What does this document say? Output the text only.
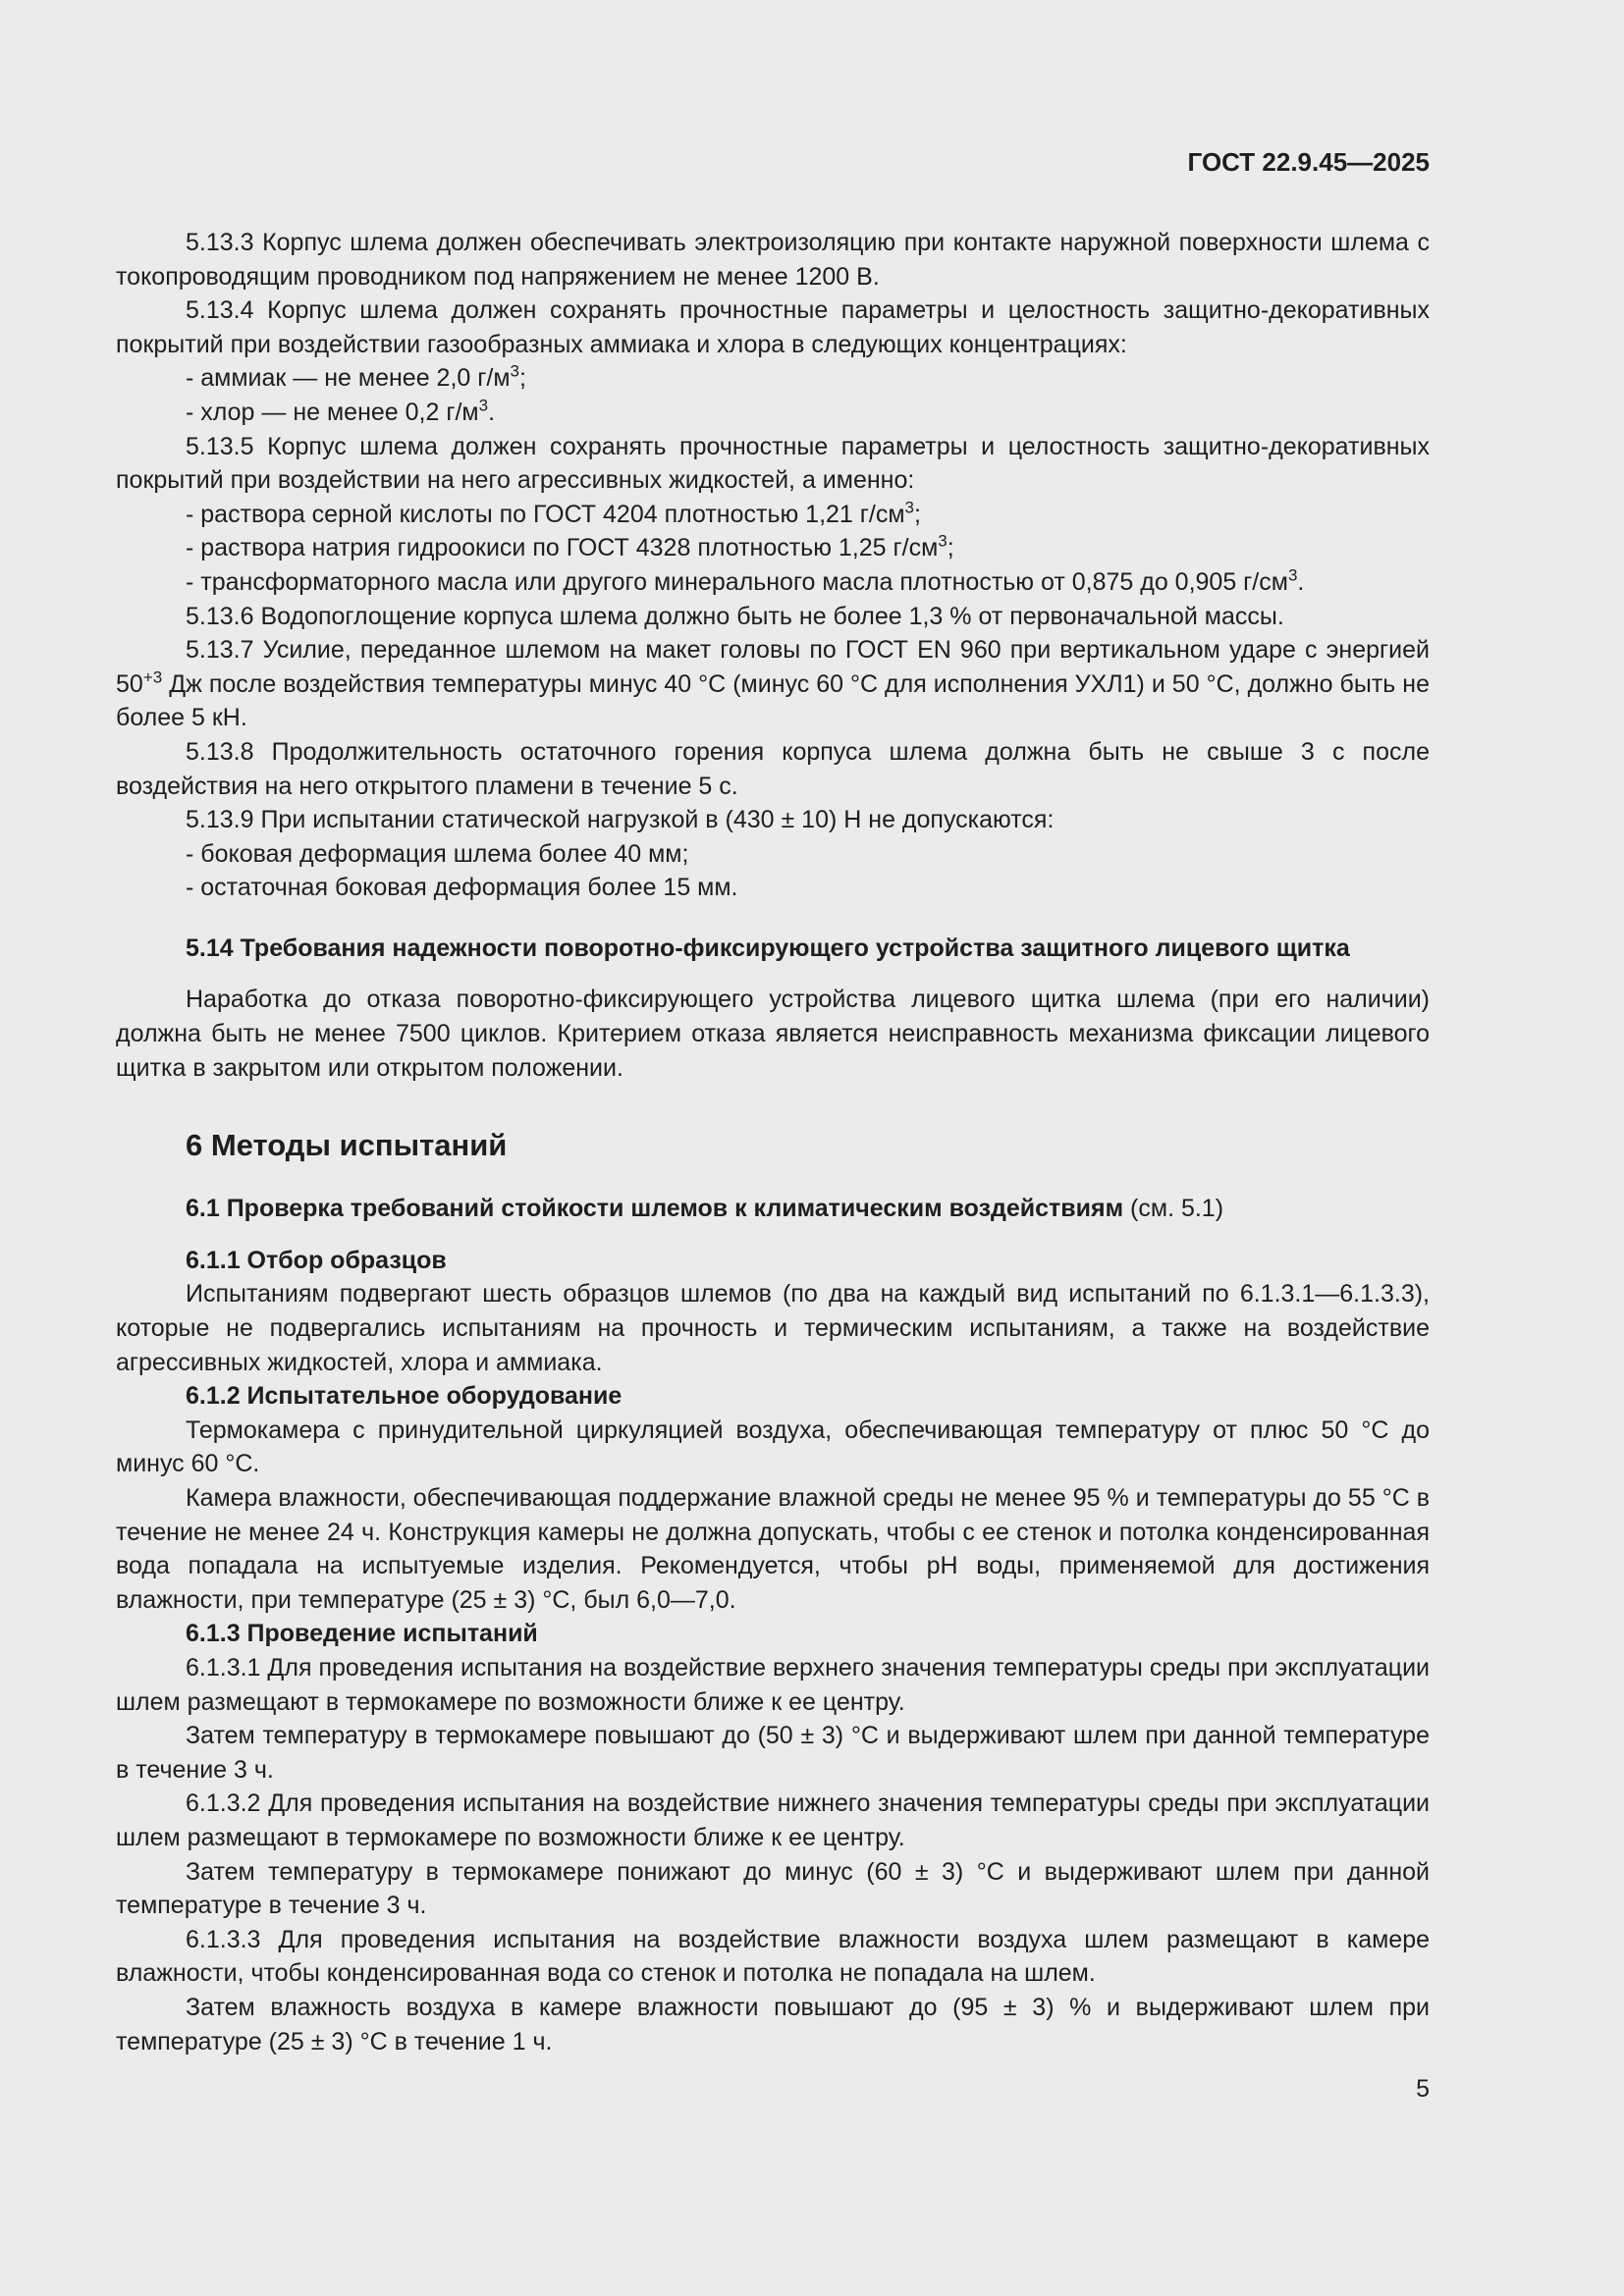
ГОСТ 22.9.45—2025

5.13.3 Корпус шлема должен обеспечивать электроизоляцию при контакте наружной поверхности шлема с токопроводящим проводником под напряжением не менее 1200 В.

5.13.4 Корпус шлема должен сохранять прочностные параметры и целостность защитно-декоративных покрытий при воздействии газообразных аммиака и хлора в следующих концентрациях:

- аммиак — не менее 2,0 $г/м^3$;

- хлор — не менее 0,2 $г/м^3$.

5.13.5 Корпус шлема должен сохранять прочностные параметры и целостность защитно-декоративных покрытий при воздействии на него агрессивных жидкостей, а именно:

- раствора серной кислоты по ГОСТ 4204 плотностью 1,21 $г/см^3$;

- раствора натрия гидроокиси по ГОСТ 4328 плотностью 1,25 $г/см^3$;

- трансформаторного масла или другого минерального масла плотностью от 0,875 до 0,905 $г/см^3$.

5.13.6 Водопоглощение корпуса шлема должно быть не более 1,3 % от первоначальной массы.

5.13.7 Усилие, переданное шлемом на макет головы по ГОСТ EN 960 при вертикальном ударе с энергией $50^{+3}$ Дж после воздействия температуры минус 40 °С (минус 60 °С для исполнения УХЛ1) и 50 °С, должно быть не более 5 кН.

5.13.8 Продолжительность остаточного горения корпуса шлема должна быть не свыше 3 с после воздействия на него открытого пламени в течение 5 с.

5.13.9 При испытании статической нагрузкой в (430 ± 10) Н не допускаются:

- боковая деформация шлема более 40 мм;

- остаточная боковая деформация более 15 мм.

5.14 Требования надежности поворотно-фиксирующего устройства защитного лицевого щитка

Наработка до отказа поворотно-фиксирующего устройства лицевого щитка шлема (при его наличии) должна быть не менее 7500 циклов. Критерием отказа является неисправность механизма фиксации лицевого щитка в закрытом или открытом положении.

6 Методы испытаний

6.1 Проверка требований стойкости шлемов к климатическим воздействиям (см. 5.1)

6.1.1 Отбор образцов

Испытаниям подвергают шесть образцов шлемов (по два на каждый вид испытаний по 6.1.3.1—6.1.3.3), которые не подвергались испытаниям на прочность и термическим испытаниям, а также на воздействие агрессивных жидкостей, хлора и аммиака.

6.1.2 Испытательное оборудование

Термокамера с принудительной циркуляцией воздуха, обеспечивающая температуру от плюс 50 °С до минус 60 °С.

Камера влажности, обеспечивающая поддержание влажной среды не менее 95 % и температуры до 55 °С в течение не менее 24 ч. Конструкция камеры не должна допускать, чтобы с ее стенок и потолка конденсированная вода попадала на испытуемые изделия. Рекомендуется, чтобы pH воды, применяемой для достижения влажности, при температуре (25 ± 3) °С, был 6,0—7,0.

6.1.3 Проведение испытаний

6.1.3.1 Для проведения испытания на воздействие верхнего значения температуры среды при эксплуатации шлем размещают в термокамере по возможности ближе к ее центру.

Затем температуру в термокамере повышают до (50 ± 3) °С и выдерживают шлем при данной температуре в течение 3 ч.

6.1.3.2 Для проведения испытания на воздействие нижнего значения температуры среды при эксплуатации шлем размещают в термокамере по возможности ближе к ее центру.

Затем температуру в термокамере понижают до минус (60 ± 3) °С и выдерживают шлем при данной температуре в течение 3 ч.

6.1.3.3 Для проведения испытания на воздействие влажности воздуха шлем размещают в камере влажности, чтобы конденсированная вода со стенок и потолка не попадала на шлем.

Затем влажность воздуха в камере влажности повышают до (95 ± 3) % и выдерживают шлем при температуре (25 ± 3) °С в течение 1 ч.

5
